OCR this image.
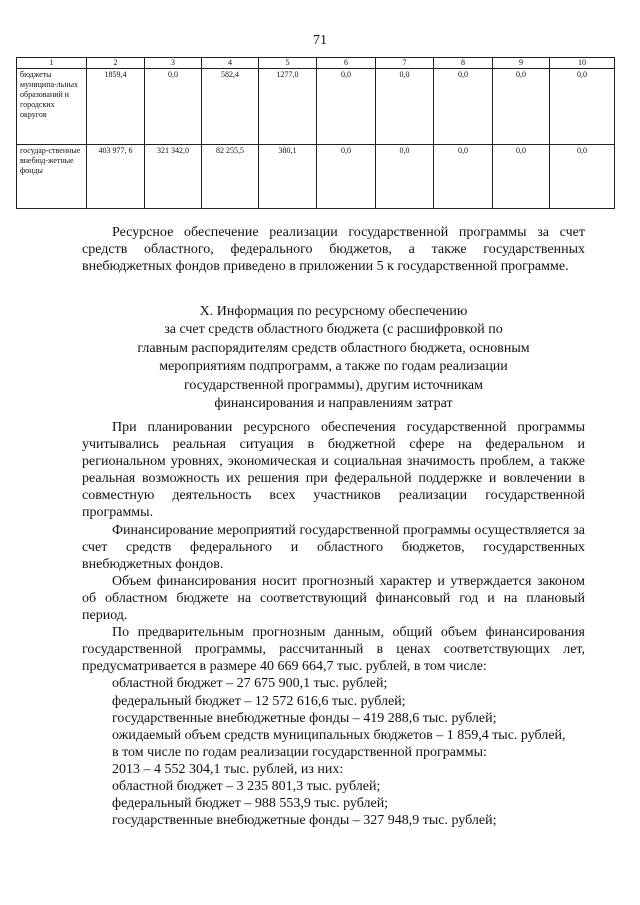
71
1	2	3	4	5	6	7	8	9	10
бюджеты муниципа-льных образований и городских округов	1859,4	0,0	582,4	1277,0	0,0	0,0	0,0	0,0	0,0
государ-ственные внебюд-жетные фонды	403 977, 6	321 342,0	82 255,5	380,1	0,0	0,0	0,0	0,0	0,0

Ресурсное обеспечение реализации государственной программы за счет средств областного, федерального бюджетов, а также государственных внебюджетных фондов приведено в приложении 5 к государственной программе.

X. Информация по ресурсному обеспечению
за счет средств областного бюджета (с расшифровкой по
главным распорядителям средств областного бюджета, основным
мероприятиям подпрограмм, а также по годам реализации
государственной программы), другим источникам
финансирования и направлениям затрат

При планировании ресурсного обеспечения государственной программы учитывались реальная ситуация в бюджетной сфере на федеральном и региональном уровнях, экономическая и социальная значимость проблем, а также реальная возможность их решения при федеральной поддержке и вовлечении в совместную деятельность всех участников реализации государственной программы.

Финансирование мероприятий государственной программы осуществляется за счет средств федерального и областного бюджетов, государственных внебюджетных фондов.

Объем финансирования носит прогнозный характер и утверждается законом об областном бюджете на соответствующий финансовый год и на плановый период.

По предварительным прогнозным данным, общий объем финансирования государственной программы, рассчитанный в ценах соответствующих лет, предусматривается в размере 40 669 664,7 тыс. рублей, в том числе:

областной бюджет – 27 675 900,1 тыс. рублей;
федеральный бюджет – 12 572 616,6 тыс. рублей;
государственные внебюджетные фонды – 419 288,6 тыс. рублей;
ожидаемый объем средств муниципальных бюджетов – 1 859,4 тыс. рублей,
в том числе по годам реализации государственной программы:
2013 – 4 552 304,1 тыс. рублей, из них:
областной бюджет – 3 235 801,3 тыс. рублей;
федеральный бюджет – 988 553,9 тыс. рублей;
государственные внебюджетные фонды – 327 948,9 тыс. рублей;
